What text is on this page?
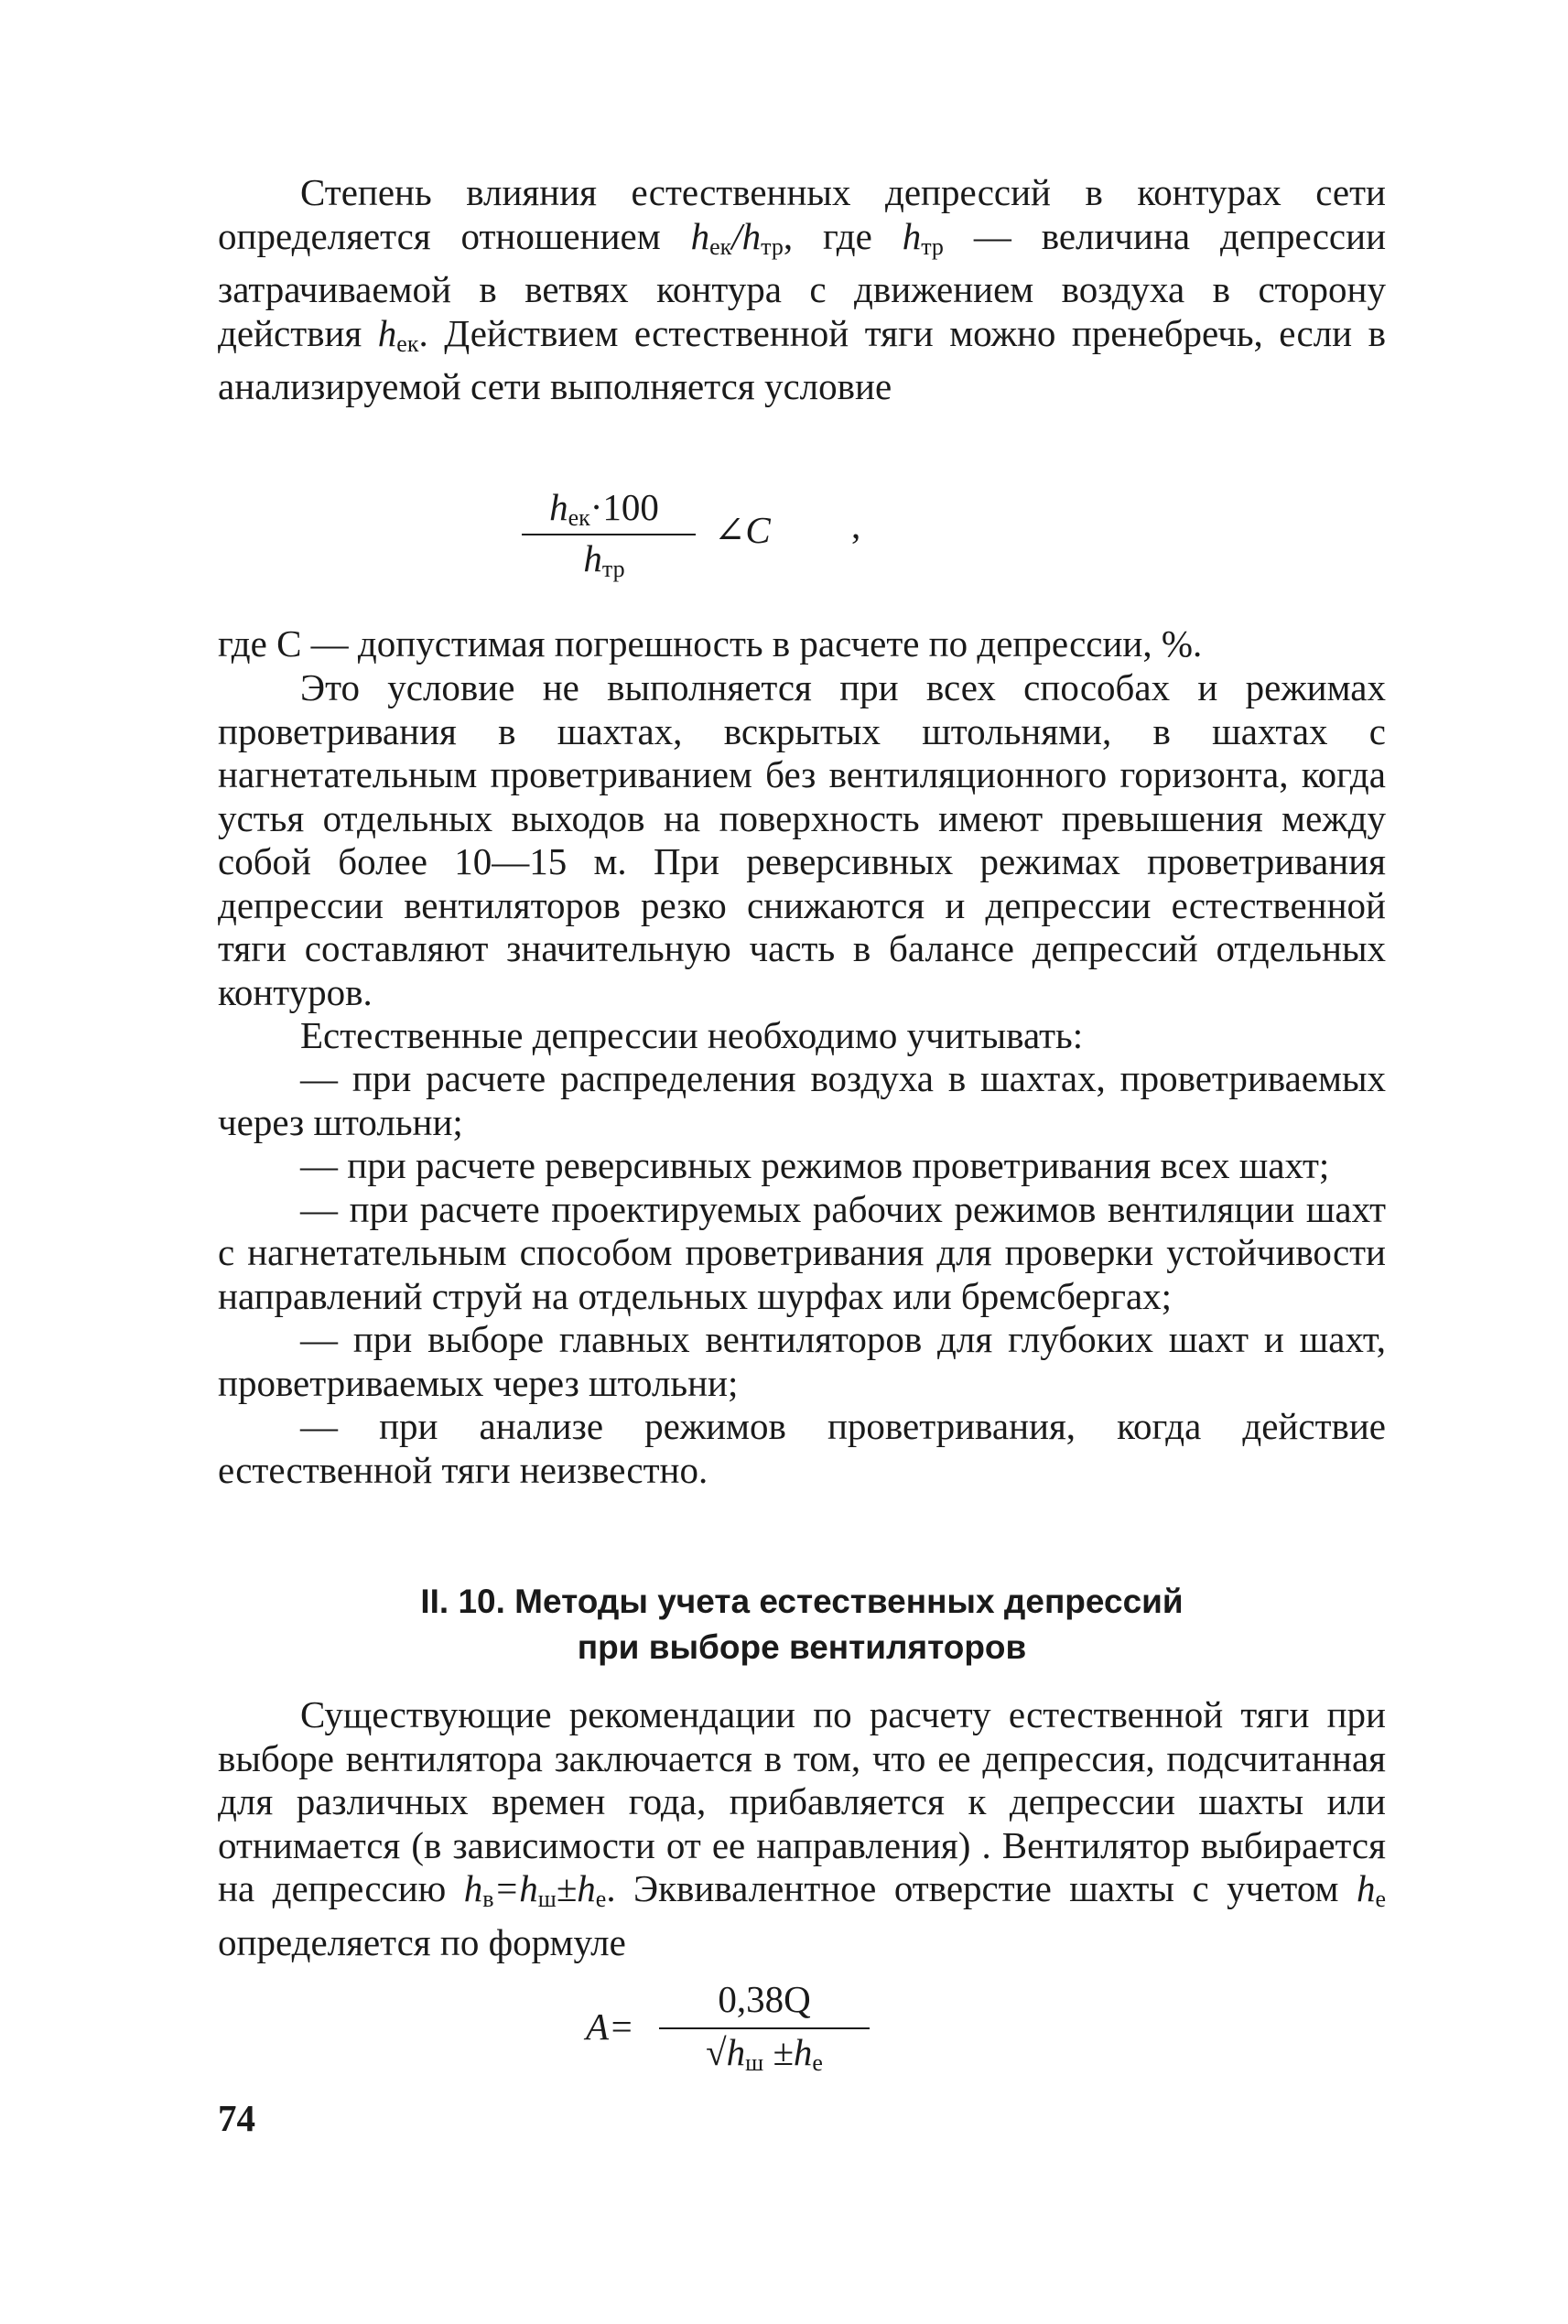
Степень влияния естественных депрессий в контурах сети определяется отношением $h_{ек}/h_{тр}$, где $h_{тр}$ — величина депрессии затрачиваемой в ветвях контура с движением воздуха в сторону действия $h_{ек}$. Действием естественной тяги можно пренебречь, если в анализируемой сети выполняется условие

$h_{ек}\cdot 100$
$h_{тр}$
∠C ,

где C — допустимая погрешность в расчете по депрессии, %.

Это условие не выполняется при всех способах и режимах проветривания в шахтах, вскрытых штольнями, в шахтах с нагнетательным проветриванием без вентиляционного горизонта, когда устья отдельных выходов на поверхность имеют превышения между собой более 10—15 м. При реверсивных режимах проветривания депрессии вентиляторов резко снижаются и депрессии естественной тяги составляют значительную часть в балансе депрессий отдельных контуров.

Естественные депрессии необходимо учитывать:

— при расчете распределения воздуха в шахтах, проветриваемых через штольни;

— при расчете реверсивных режимов проветривания всех шахт;

— при расчете проектируемых рабочих режимов вентиляции шахт с нагнетательным способом проветривания для проверки устойчивости направлений струй на отдельных шурфах или бремсбергах;

— при выборе главных вентиляторов для глубоких шахт и шахт, проветриваемых через штольни;

— при анализе режимов проветривания, когда действие естественной тяги неизвестно.

II. 10. Методы учета естественных депрессий
при выборе вентиляторов

Существующие рекомендации по расчету естественной тяги при выборе вентилятора заключается в том, что ее депрессия, подсчитанная для различных времен года, прибавляется к депрессии шахты или отнимается (в зависимости от ее направления) . Вентилятор выбирается на депрессию $h_в=h_ш\pm h_е$. Эквивалентное отверстие шахты с учетом $h_е$ определяется по формуле

A=
0,38Q
$√h_ш \pm h_е$
74
